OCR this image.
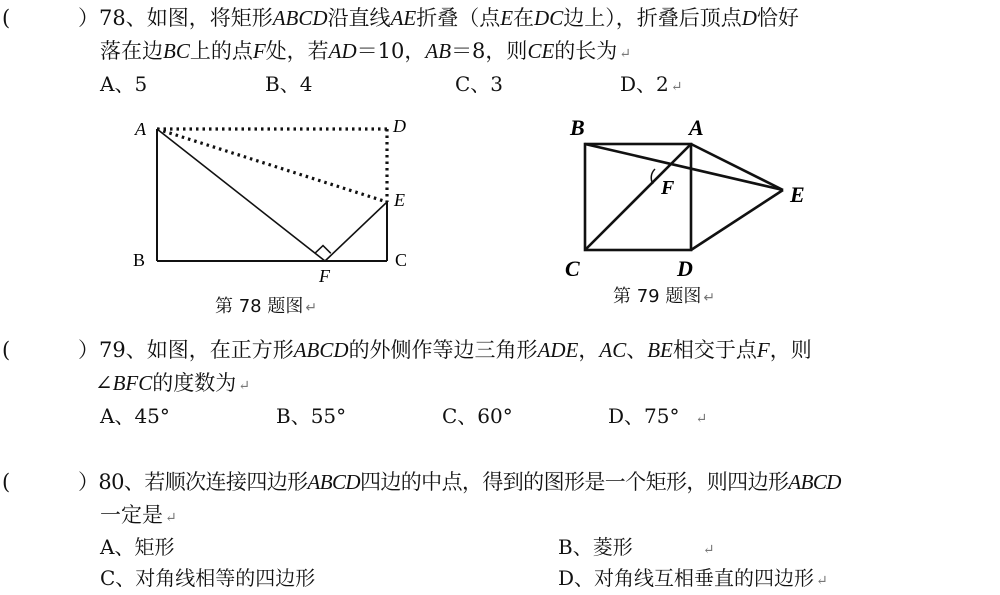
(	）78、如图，将矩形ABCD沿直线AE折叠（点E在DC边上），折叠后顶点D恰好
落在边BC上的点F处，若AD＝10，AB＝8，则CE的长为 ↵
A、5	B、4	C、3	D、2 ↵
A	D
E
B	C
F
第 78 题图 ↵
B	A
F	E
C	D
第 79 题图 ↵
(	）79、如图，在正方形ABCD的外侧作等边三角形ADE，AC、BE相交于点F，则
∠BFC的度数为 ↵
A、45°	B、55°	C、60°	D、75° ↵
(	）80、若顺次连接四边形ABCD四边的中点，得到的图形是一个矩形，则四边形ABCD
一定是 ↵
A、矩形	B、菱形	↵
C、对角线相等的四边形	D、对角线互相垂直的四边形 ↵
